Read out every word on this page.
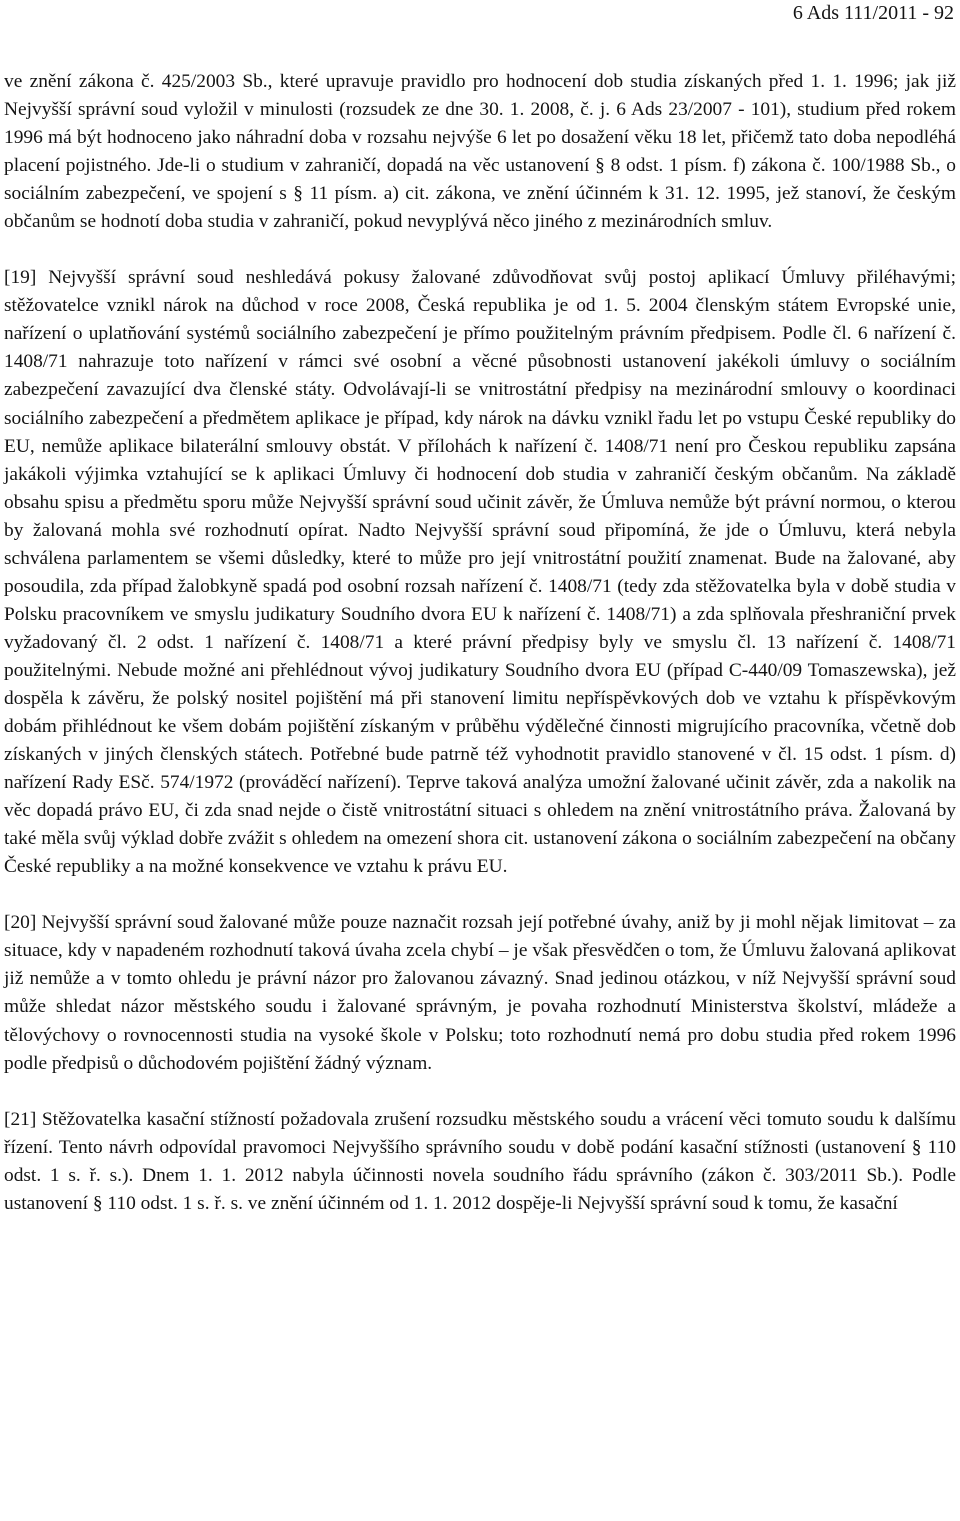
6 Ads 111/2011 - 92

ve znění zákona č. 425/2003 Sb., které upravuje pravidlo pro hodnocení dob studia získaných před 1. 1. 1996; jak již Nejvyšší správní soud vyložil v minulosti (rozsudek ze dne 30. 1. 2008, č. j. 6 Ads 23/2007 - 101), studium před rokem 1996 má být hodnoceno jako náhradní doba v rozsahu nejvýše 6 let po dosažení věku 18 let, přičemž tato doba nepodléhá placení pojistného. Jde-li o studium v zahraničí, dopadá na věc ustanovení § 8 odst. 1 písm. f) zákona č. 100/1988 Sb., o sociálním zabezpečení, ve spojení s § 11 písm. a) cit. zákona, ve znění účinném k 31. 12. 1995, jež stanoví, že českým občanům se hodnotí doba studia v zahraničí, pokud nevyplývá něco jiného z mezinárodních smluv.

[19] Nejvyšší správní soud neshledává pokusy žalované zdůvodňovat svůj postoj aplikací Úmluvy přiléhavými; stěžovatelce vznikl nárok na důchod v roce 2008, Česká republika je od 1. 5. 2004 členským státem Evropské unie, nařízení o uplatňování systémů sociálního zabezpečení je přímo použitelným právním předpisem. Podle čl. 6 nařízení č. 1408/71 nahrazuje toto nařízení v rámci své osobní a věcné působnosti ustanovení jakékoli úmluvy o sociálním zabezpečení zavazující dva členské státy. Odvolávají-li se vnitrostátní předpisy na mezinárodní smlouvy o koordinaci sociálního zabezpečení a předmětem aplikace je případ, kdy nárok na dávku vznikl řadu let po vstupu České republiky do EU, nemůže aplikace bilaterální smlouvy obstát. V přílohách k nařízení č. 1408/71 není pro Českou republiku zapsána jakákoli výjimka vztahující se k aplikaci Úmluvy či hodnocení dob studia v zahraničí českým občanům. Na základě obsahu spisu a předmětu sporu může Nejvyšší správní soud učinit závěr, že Úmluva nemůže být právní normou, o kterou by žalovaná mohla své rozhodnutí opírat. Nadto Nejvyšší správní soud připomíná, že jde o Úmluvu, která nebyla schválena parlamentem se všemi důsledky, které to může pro její vnitrostátní použití znamenat. Bude na žalované, aby posoudila, zda případ žalobkyně spadá pod osobní rozsah nařízení č. 1408/71 (tedy zda stěžovatelka byla v době studia v Polsku pracovníkem ve smyslu judikatury Soudního dvora EU k nařízení č. 1408/71) a zda splňovala přeshraniční prvek vyžadovaný čl. 2 odst. 1 nařízení č. 1408/71 a které právní předpisy byly ve smyslu čl. 13 nařízení č. 1408/71 použitelnými. Nebude možné ani přehlédnout vývoj judikatury Soudního dvora EU (případ C-440/09 Tomaszewska), jež dospěla k závěru, že polský nositel pojištění má při stanovení limitu nepříspěvkových dob ve vztahu k příspěvkovým dobám přihlédnout ke všem dobám pojištění získaným v průběhu výdělečné činnosti migrujícího pracovníka, včetně dob získaných v jiných členských státech. Potřebné bude patrně též vyhodnotit pravidlo stanovené v čl. 15 odst. 1 písm. d) nařízení Rady ESč. 574/1972 (prováděcí nařízení). Teprve taková analýza umožní žalované učinit závěr, zda a nakolik na věc dopadá právo EU, či zda snad nejde o čistě vnitrostátní situaci s ohledem na znění vnitrostátního práva. Žalovaná by také měla svůj výklad dobře zvážit s ohledem na omezení shora cit. ustanovení zákona o sociálním zabezpečení na občany České republiky a na možné konsekvence ve vztahu k právu EU.

[20] Nejvyšší správní soud žalované může pouze naznačit rozsah její potřebné úvahy, aniž by ji mohl nějak limitovat – za situace, kdy v napadeném rozhodnutí taková úvaha zcela chybí – je však přesvědčen o tom, že Úmluvu žalovaná aplikovat již nemůže a v tomto ohledu je právní názor pro žalovanou závazný. Snad jedinou otázkou, v níž Nejvyšší správní soud může shledat názor městského soudu i žalované správným, je povaha rozhodnutí Ministerstva školství, mládeže a tělovýchovy o rovnocennosti studia na vysoké škole v Polsku; toto rozhodnutí nemá pro dobu studia před rokem 1996 podle předpisů o důchodovém pojištění žádný význam.

[21] Stěžovatelka kasační stížností požadovala zrušení rozsudku městského soudu a vrácení věci tomuto soudu k dalšímu řízení. Tento návrh odpovídal pravomoci Nejvyššího správního soudu v době podání kasační stížnosti (ustanovení § 110 odst. 1 s. ř. s.). Dnem 1. 1. 2012 nabyla účinnosti novela soudního řádu správního (zákon č. 303/2011 Sb.). Podle ustanovení § 110 odst. 1 s. ř. s. ve znění účinném od 1. 1. 2012 dospěje-li Nejvyšší správní soud k tomu, že kasační
